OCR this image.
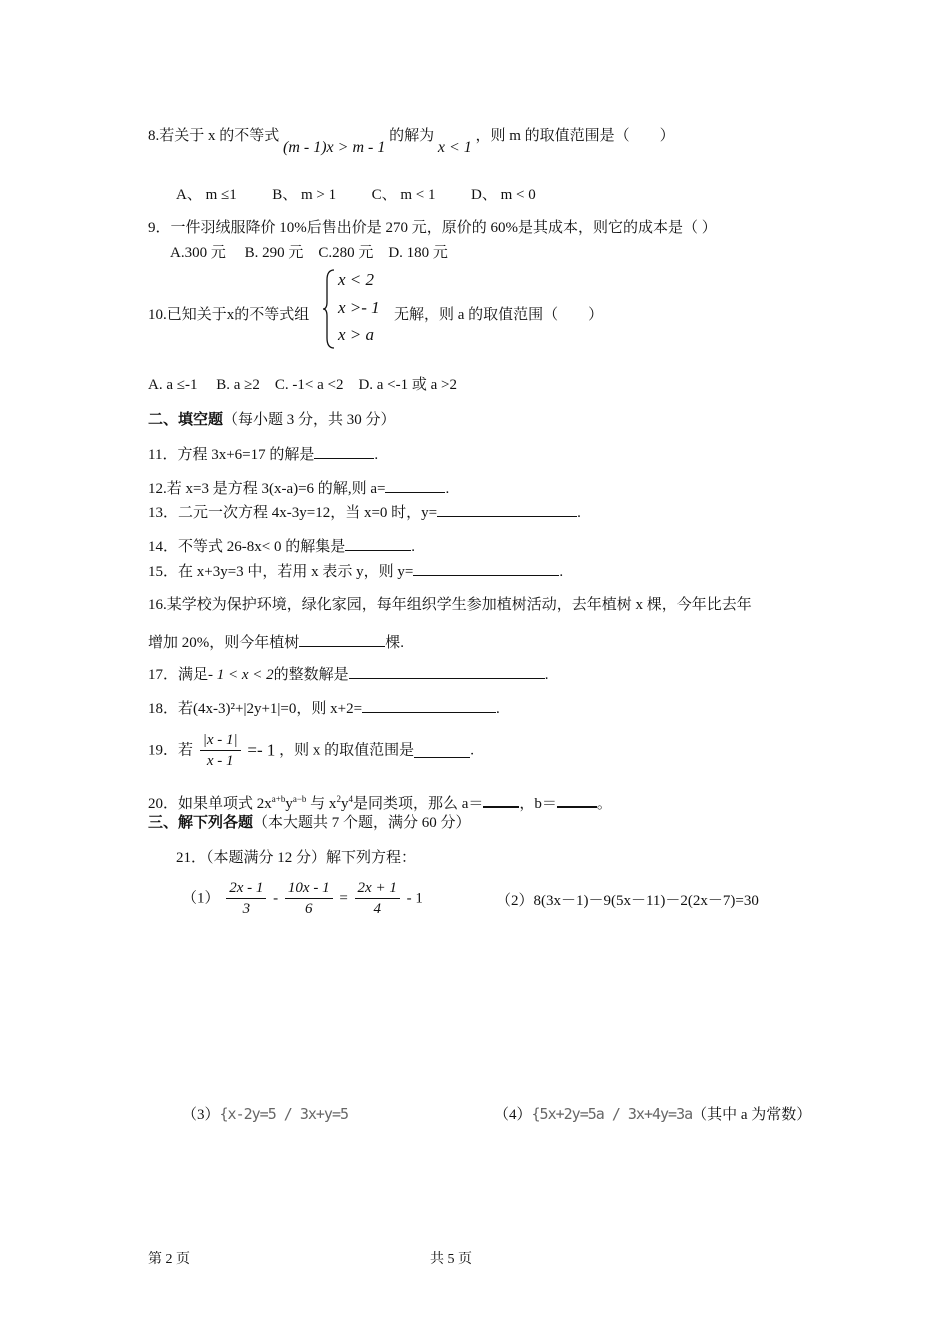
8.若关于 x 的不等式 (m - 1)x > m - 1 的解为 x < 1 ，则 m 的取值范围是（　　）
A、 m ≤1 B、 m > 1 C、 m < 1 D、 m < 0
9．一件羽绒服降价 10%后售出价是 270 元，原价的 60%是其成本，则它的成本是（ ）
A.300 元　 B. 290 元　C.280 元　D. 180 元
10.已知关于x的不等式组
x < 2
x >- 1
x > a
无解，则 a 的取值范围（　　）
A. a ≤-1　 B. a ≥2　C. -1< a <2　D. a <-1 或 a >2
二、填空题（每小题 3 分，共 30 分）
11．方程 3x+6=17 的解是	.
12.若 x=3 是方程 3(x-a)=6 的解,则 a=	.
13．二元一次方程 4x-3y=12，当 x=0 时，y=	.
14．不等式 26-8x< 0 的解集是	.
15．在 x+3y=3 中，若用 x 表示 y，则 y=	.
16.某学校为保护环境，绿化家园，每年组织学生参加植树活动，去年植树 x 棵，今年比去年
增加 20%，则今年植树	棵.
17．满足- 1 < x < 2的整数解是	.
18．若(4x-3)²+|2y+1|=0，则 x+2=	.
19．若 $\frac{|x - 1|}{x - 1} =- 1$ ，则 x 的取值范围是	.
20．如果单项式 $2x^{a+b}y^{a-b}$ 与 $x^2y^4$是同类项，那么 a＝ ，b＝	。
三、解下列各题（本大题共 7 个题，满分 60 分）
21．（本题满分 12 分）解下列方程：
$(1) \frac{2x - 1}{3} - \frac{10x - 1}{6} = \frac{2x + 1}{4} - 1$	（2）8(3x－1)－9(5x－11)－2(2x－7)=30
（3）{x-2y=5 / 3x+y=5	（4）{5x+2y=5a / 3x+4y=3a（其中 a 为常数）
第 2 页	共 5 页
